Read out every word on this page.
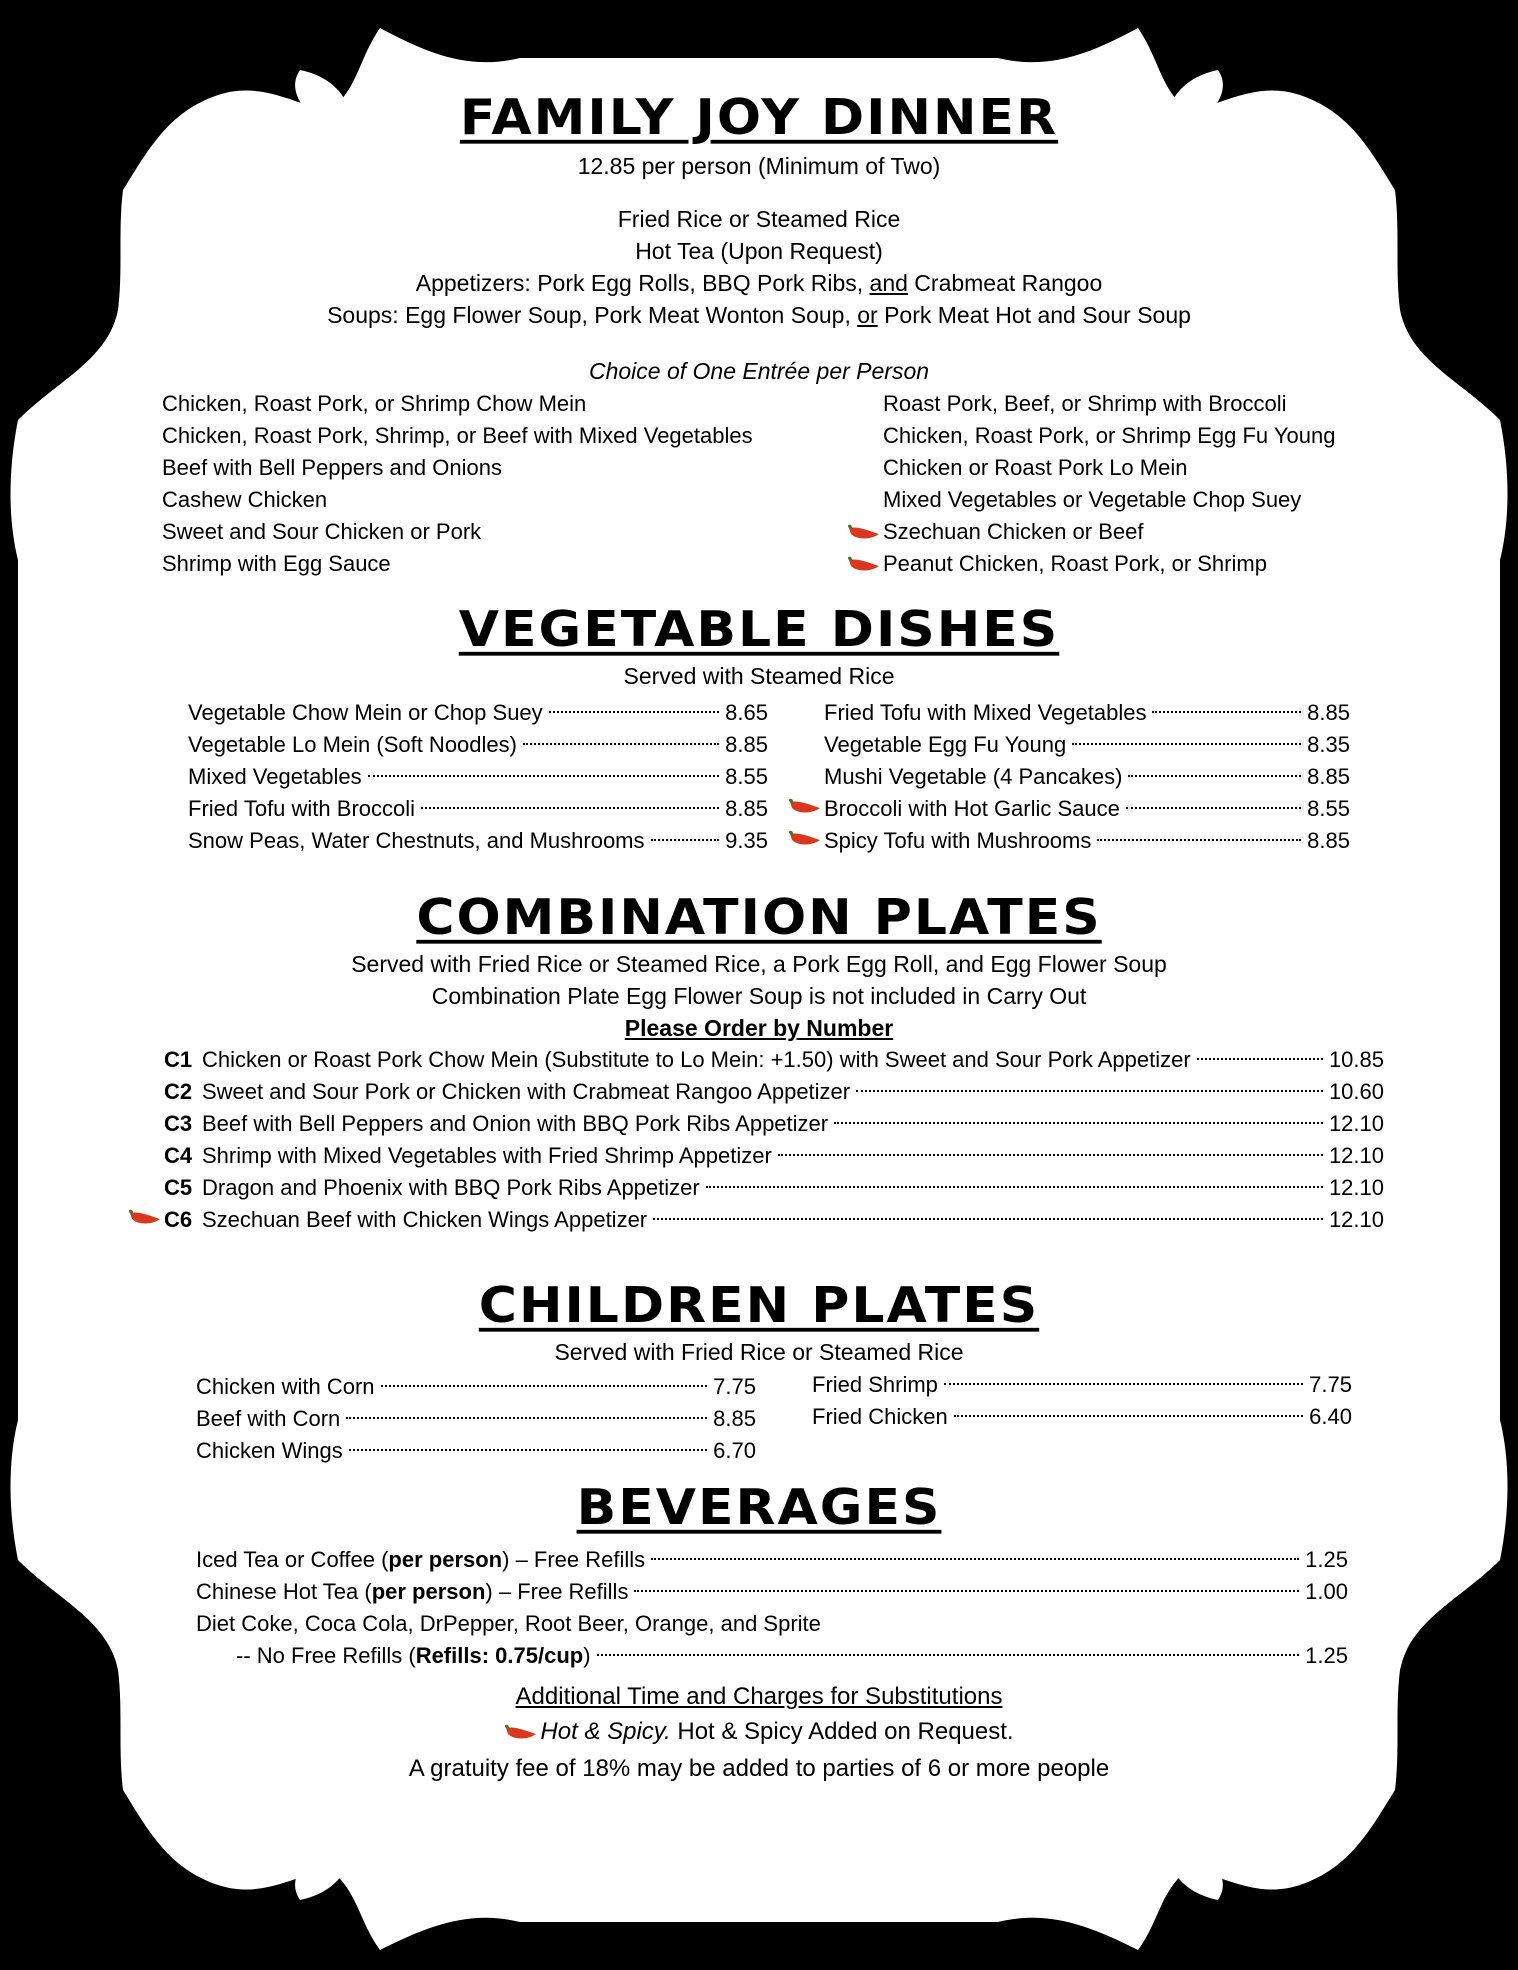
FAMILY JOY DINNER
12.85 per person (Minimum of Two)
Fried Rice or Steamed Rice
Hot Tea (Upon Request)
Appetizers: Pork Egg Rolls, BBQ Pork Ribs, and Crabmeat Rangoo
Soups: Egg Flower Soup, Pork Meat Wonton Soup, or Pork Meat Hot and Sour Soup
Choice of One Entrée per Person
Chicken, Roast Pork, or Shrimp Chow Mein
Chicken, Roast Pork, Shrimp, or Beef with Mixed Vegetables
Beef with Bell Peppers and Onions
Cashew Chicken
Sweet and Sour Chicken or Pork
Shrimp with Egg Sauce
Roast Pork, Beef, or Shrimp with Broccoli
Chicken, Roast Pork, or Shrimp Egg Fu Young
Chicken or Roast Pork Lo Mein
Mixed Vegetables or Vegetable Chop Suey
Szechuan Chicken or Beef
Peanut Chicken, Roast Pork, or Shrimp
VEGETABLE DISHES
Served with Steamed Rice
Vegetable Chow Mein or Chop Suey	8.65
Vegetable Lo Mein (Soft Noodles)	8.85
Mixed Vegetables	8.55
Fried Tofu with Broccoli	8.85
Snow Peas, Water Chestnuts, and Mushrooms	9.35
Fried Tofu with Mixed Vegetables	8.85
Vegetable Egg Fu Young	8.35
Mushi Vegetable (4 Pancakes)	8.85
Broccoli with Hot Garlic Sauce	8.55
Spicy Tofu with Mushrooms	8.85
COMBINATION PLATES
Served with Fried Rice or Steamed Rice, a Pork Egg Roll, and Egg Flower Soup
Combination Plate Egg Flower Soup is not included in Carry Out
Please Order by Number
C1 Chicken or Roast Pork Chow Mein (Substitute to Lo Mein: +1.50) with Sweet and Sour Pork Appetizer	10.85
C2 Sweet and Sour Pork or Chicken with Crabmeat Rangoo Appetizer	10.60
C3 Beef with Bell Peppers and Onion with BBQ Pork Ribs Appetizer	12.10
C4 Shrimp with Mixed Vegetables with Fried Shrimp Appetizer	12.10
C5 Dragon and Phoenix with BBQ Pork Ribs Appetizer	12.10
C6 Szechuan Beef with Chicken Wings Appetizer	12.10
CHILDREN PLATES
Served with Fried Rice or Steamed Rice
Chicken with Corn	7.75
Beef with Corn	8.85
Chicken Wings	6.70
Fried Shrimp	7.75
Fried Chicken	6.40
BEVERAGES
Iced Tea or Coffee (per person) – Free Refills	1.25
Chinese Hot Tea (per person) – Free Refills	1.00
Diet Coke, Coca Cola, DrPepper, Root Beer, Orange, and Sprite
-- No Free Refills (Refills: 0.75/cup)	1.25
Additional Time and Charges for Substitutions
Hot & Spicy. Hot & Spicy Added on Request.
A gratuity fee of 18% may be added to parties of 6 or more people
